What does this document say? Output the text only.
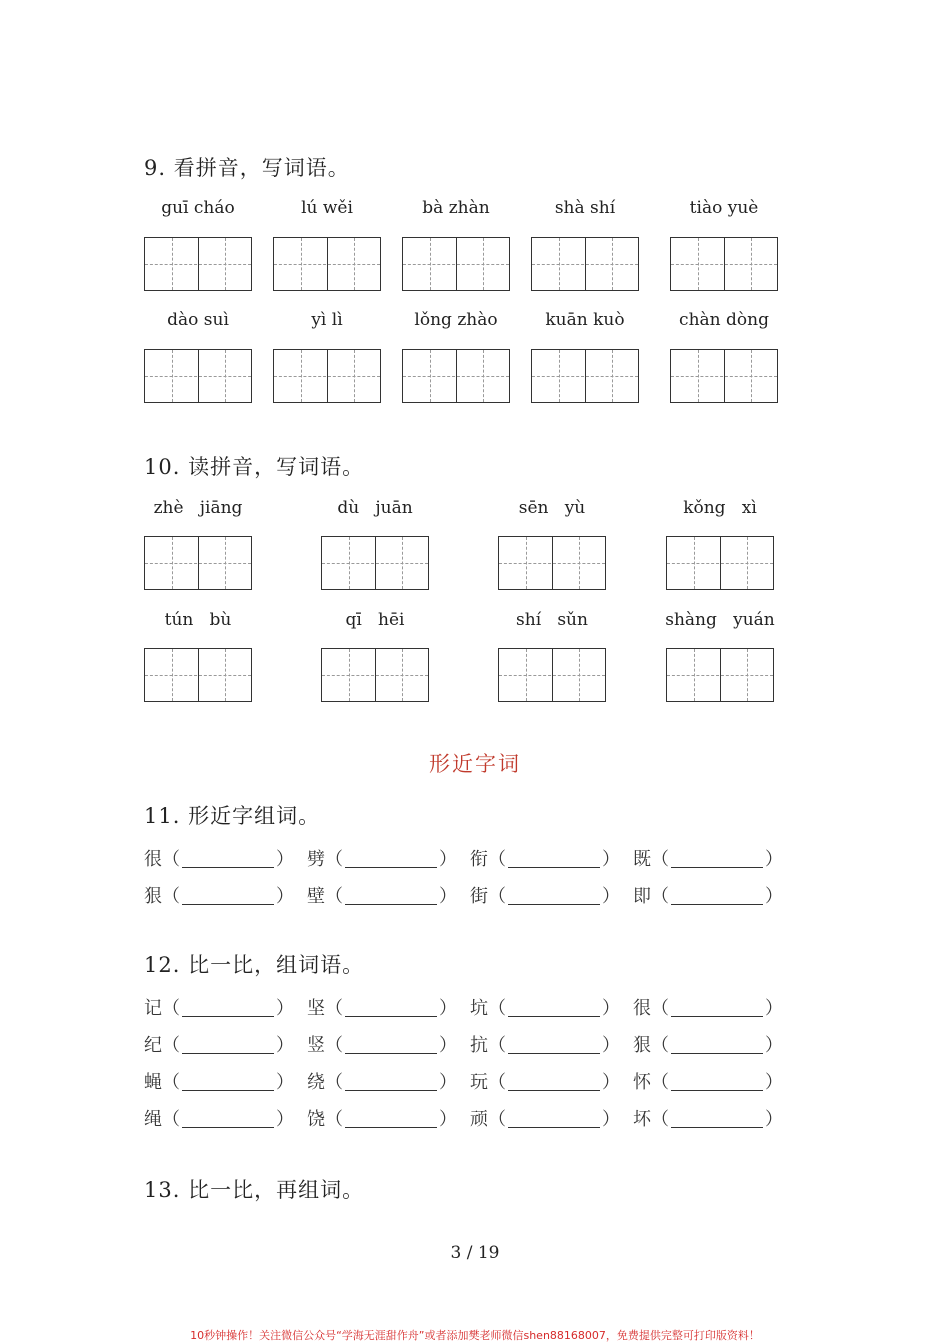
9. 看拼音，写词语。
guī cháo	lú wěi	bà zhàn	shà shí	tiào yuè
dào suì	yì lì	lǒng zhào	kuān kuò	chàn dòng
10. 读拼音，写词语。
zhè   jiāng	dù   juān	sēn   yù	kǒng   xì
tún   bù	qī   hēi	shí   sǔn	shàng   yuán
形近字词
11. 形近字组词。
很（	） 劈（	） 衔（	） 既（	）
狠（	） 壁（	） 街（	） 即（	）
12. 比一比，组词语。
记（	） 坚（	） 坑（	） 很（	）
纪（	） 竖（	） 抗（	） 狠（	）
蝇（	） 绕（	） 玩（	） 怀（	）
绳（	） 饶（	） 顽（	） 坏（	）
13. 比一比，再组词。
3 / 19
10秒钟操作！关注微信公众号“学海无涯甜作舟”或者添加樊老师微信shen88168007，免费提供完整可打印版资料！
